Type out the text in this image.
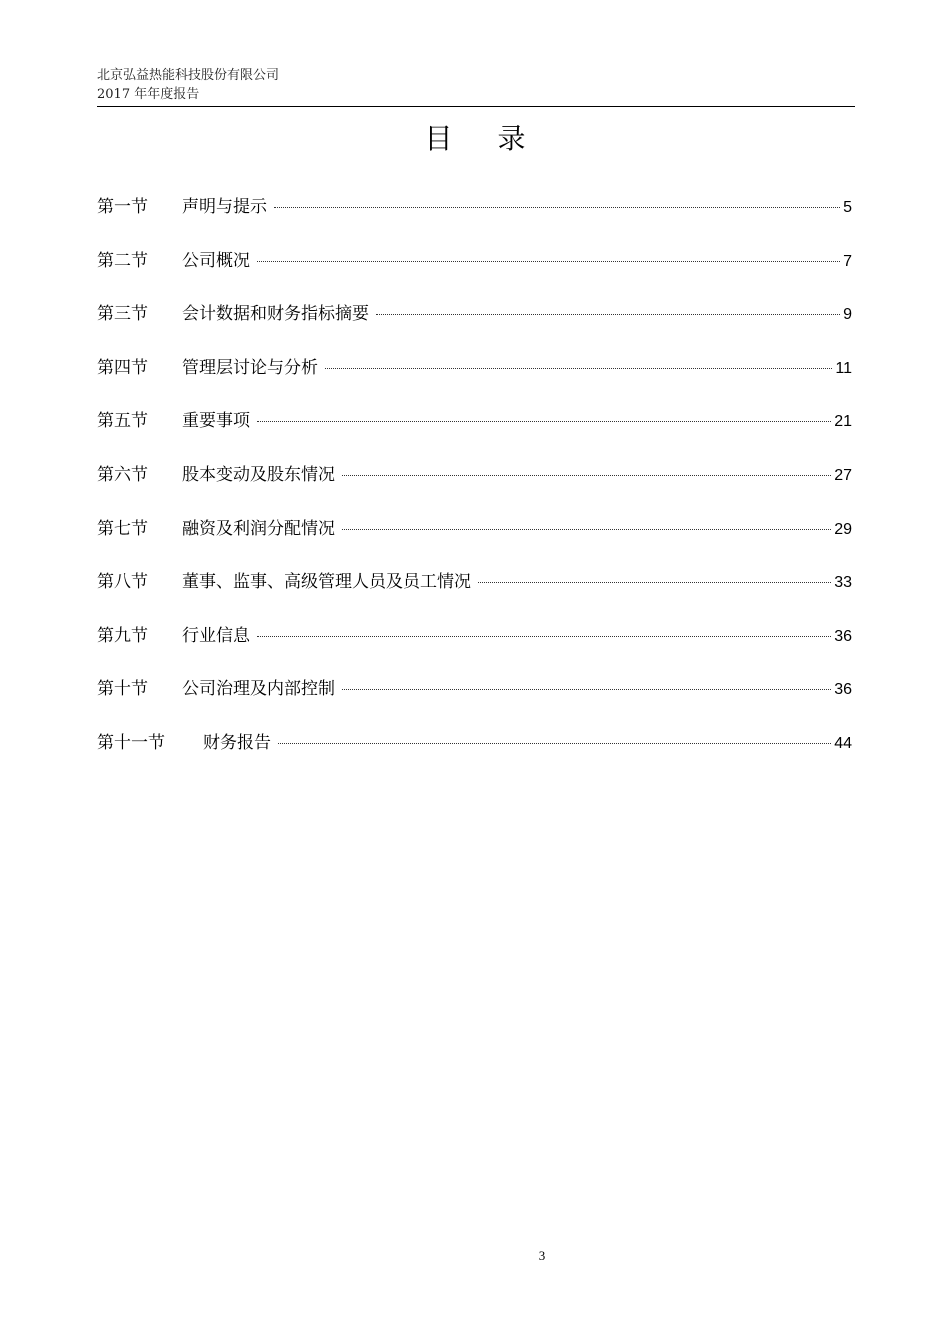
北京弘益热能科技股份有限公司
2017 年年度报告
目 录
第一节	声明与提示	5
第二节	公司概况	7
第三节	会计数据和财务指标摘要	9
第四节	管理层讨论与分析	11
第五节	重要事项	21
第六节	股本变动及股东情况	27
第七节	融资及利润分配情况	29
第八节	董事、监事、高级管理人员及员工情况	33
第九节	行业信息	36
第十节	公司治理及内部控制	36
第十一节	财务报告	44
3
